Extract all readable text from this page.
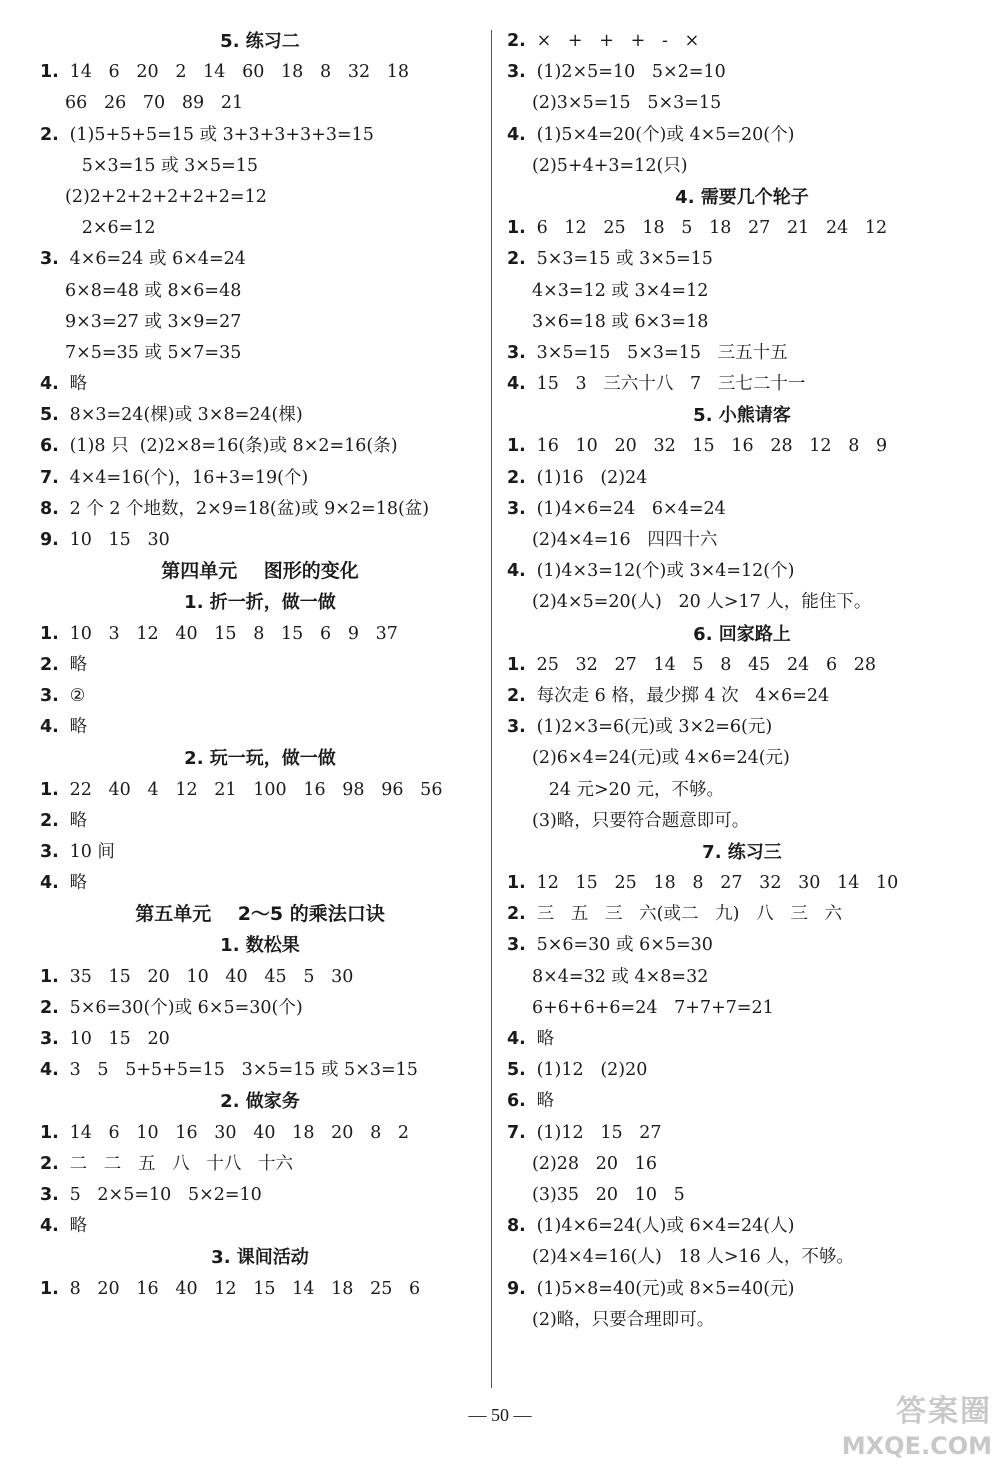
5. 练习二
1. 14   6   20   2   14   60   18   8   32   18
66   26   70   89   21
2. (1)5+5+5=15 或 3+3+3+3+3=15
5×3=15 或 3×5=15
(2)2+2+2+2+2+2=12
2×6=12
3. 4×6=24 或 6×4=24
6×8=48 或 8×6=48
9×3=27 或 3×9=27
7×5=35 或 5×7=35
4. 略
5. 8×3=24(棵)或 3×8=24(棵)
6. (1)8 只  (2)2×8=16(条)或 8×2=16(条)
7. 4×4=16(个)，16+3=19(个)
8. 2 个 2 个地数，2×9=18(盆)或 9×2=18(盆)
9. 10   15   30
第四单元    图形的变化
1. 折一折，做一做
1. 10   3   12   40   15   8   15   6   9   37
2. 略
3. ②
4. 略
2. 玩一玩，做一做
1. 22   40   4   12   21   100   16   98   96   56
2. 略
3. 10 间
4. 略
第五单元    2～5 的乘法口诀
1. 数松果
1. 35   15   20   10   40   45   5   30
2. 5×6=30(个)或 6×5=30(个)
3. 10   15   20
4. 3   5   5+5+5=15   3×5=15 或 5×3=15
2. 做家务
1. 14   6   10   16   30   40   18   20   8   2
2. 二   二   五   八   十八   十六
3. 5   2×5=10   5×2=10
4. 略
3. 课间活动
1. 8   20   16   40   12   15   14   18   25   6
2. ×   +   +   +   -   ×
3. (1)2×5=10   5×2=10
(2)3×5=15   5×3=15
4. (1)5×4=20(个)或 4×5=20(个)
(2)5+4+3=12(只)
4. 需要几个轮子
1. 6   12   25   18   5   18   27   21   24   12
2. 5×3=15 或 3×5=15
4×3=12 或 3×4=12
3×6=18 或 6×3=18
3. 3×5=15   5×3=15   三五十五
4. 15   3   三六十八   7   三七二十一
5. 小熊请客
1. 16   10   20   32   15   16   28   12   8   9
2. (1)16   (2)24
3. (1)4×6=24   6×4=24
(2)4×4=16   四四十六
4. (1)4×3=12(个)或 3×4=12(个)
(2)4×5=20(人)   20 人>17 人，能住下。
6. 回家路上
1. 25   32   27   14   5   8   45   24   6   28
2. 每次走 6 格，最少掷 4 次   4×6=24
3. (1)2×3=6(元)或 3×2=6(元)
(2)6×4=24(元)或 4×6=24(元)
24 元>20 元，不够。
(3)略，只要符合题意即可。
7. 练习三
1. 12   15   25   18   8   27   32   30   14   10
2. 三   五   三   六(或二   九)   八   三   六
3. 5×6=30 或 6×5=30
8×4=32 或 4×8=32
6+6+6+6=24   7+7+7=21
4. 略
5. (1)12   (2)20
6. 略
7. (1)12   15   27
(2)28   20   16
(3)35   20   10   5
8. (1)4×6=24(人)或 6×4=24(人)
(2)4×4=16(人)   18 人>16 人，不够。
9. (1)5×8=40(元)或 8×5=40(元)
(2)略，只要合理即可。
— 50 —	答案圈
MXQE.COM
